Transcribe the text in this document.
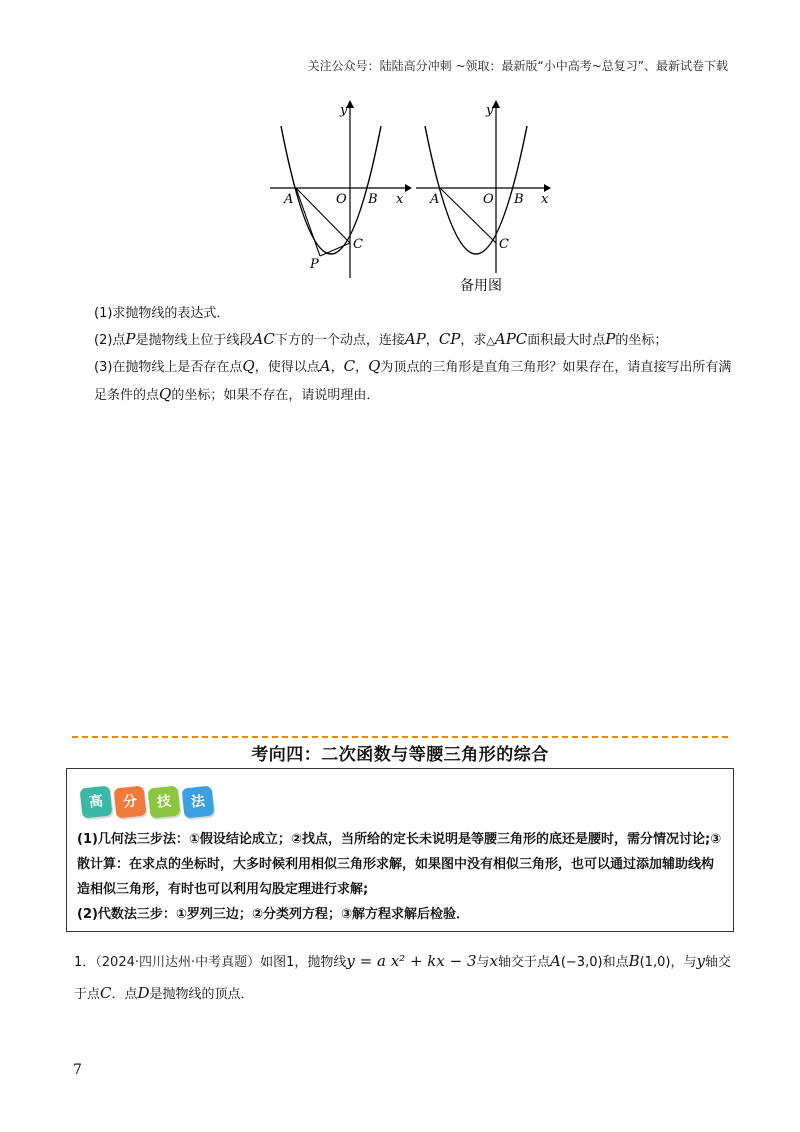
关注公众号：陆陆高分冲刺 ~领取：最新版“小中高考~总复习”、最新试卷下载
y
x
A	O B
C
P
y
x
A	O B
C
备用图
(1)求抛物线的表达式．
(2)点P是抛物线上位于线段AC下方的一个动点，连接AP，CP，求△APC面积最大时点P的坐标；
(3)在抛物线上是否存在点Q，使得以点A，C，Q为顶点的三角形是直角三角形？如果存在，请直接写出所有满足条件的点Q的坐标；如果不存在，请说明理由．
考向四：二次函数与等腰三角形的综合
高 分 技 法
(1)几何法三步法：①假设结论成立；②找点，当所给的定长未说明是等腰三角形的底还是腰时，需分情况讨论;③散计算：在求点的坐标时，大多时候利用相似三角形求解，如果图中没有相似三角形，也可以通过添加辅助线构造相似三角形，有时也可以利用勾股定理进行求解;
(2)代数法三步：①罗列三边；②分类列方程；③解方程求解后检验．
1．（2024·四川达州·中考真题）如图1，抛物线y = a x² + kx − 3与x轴交于点A(−3,0)和点B(1,0)，与y轴交于点C．点D是抛物线的顶点．
7
